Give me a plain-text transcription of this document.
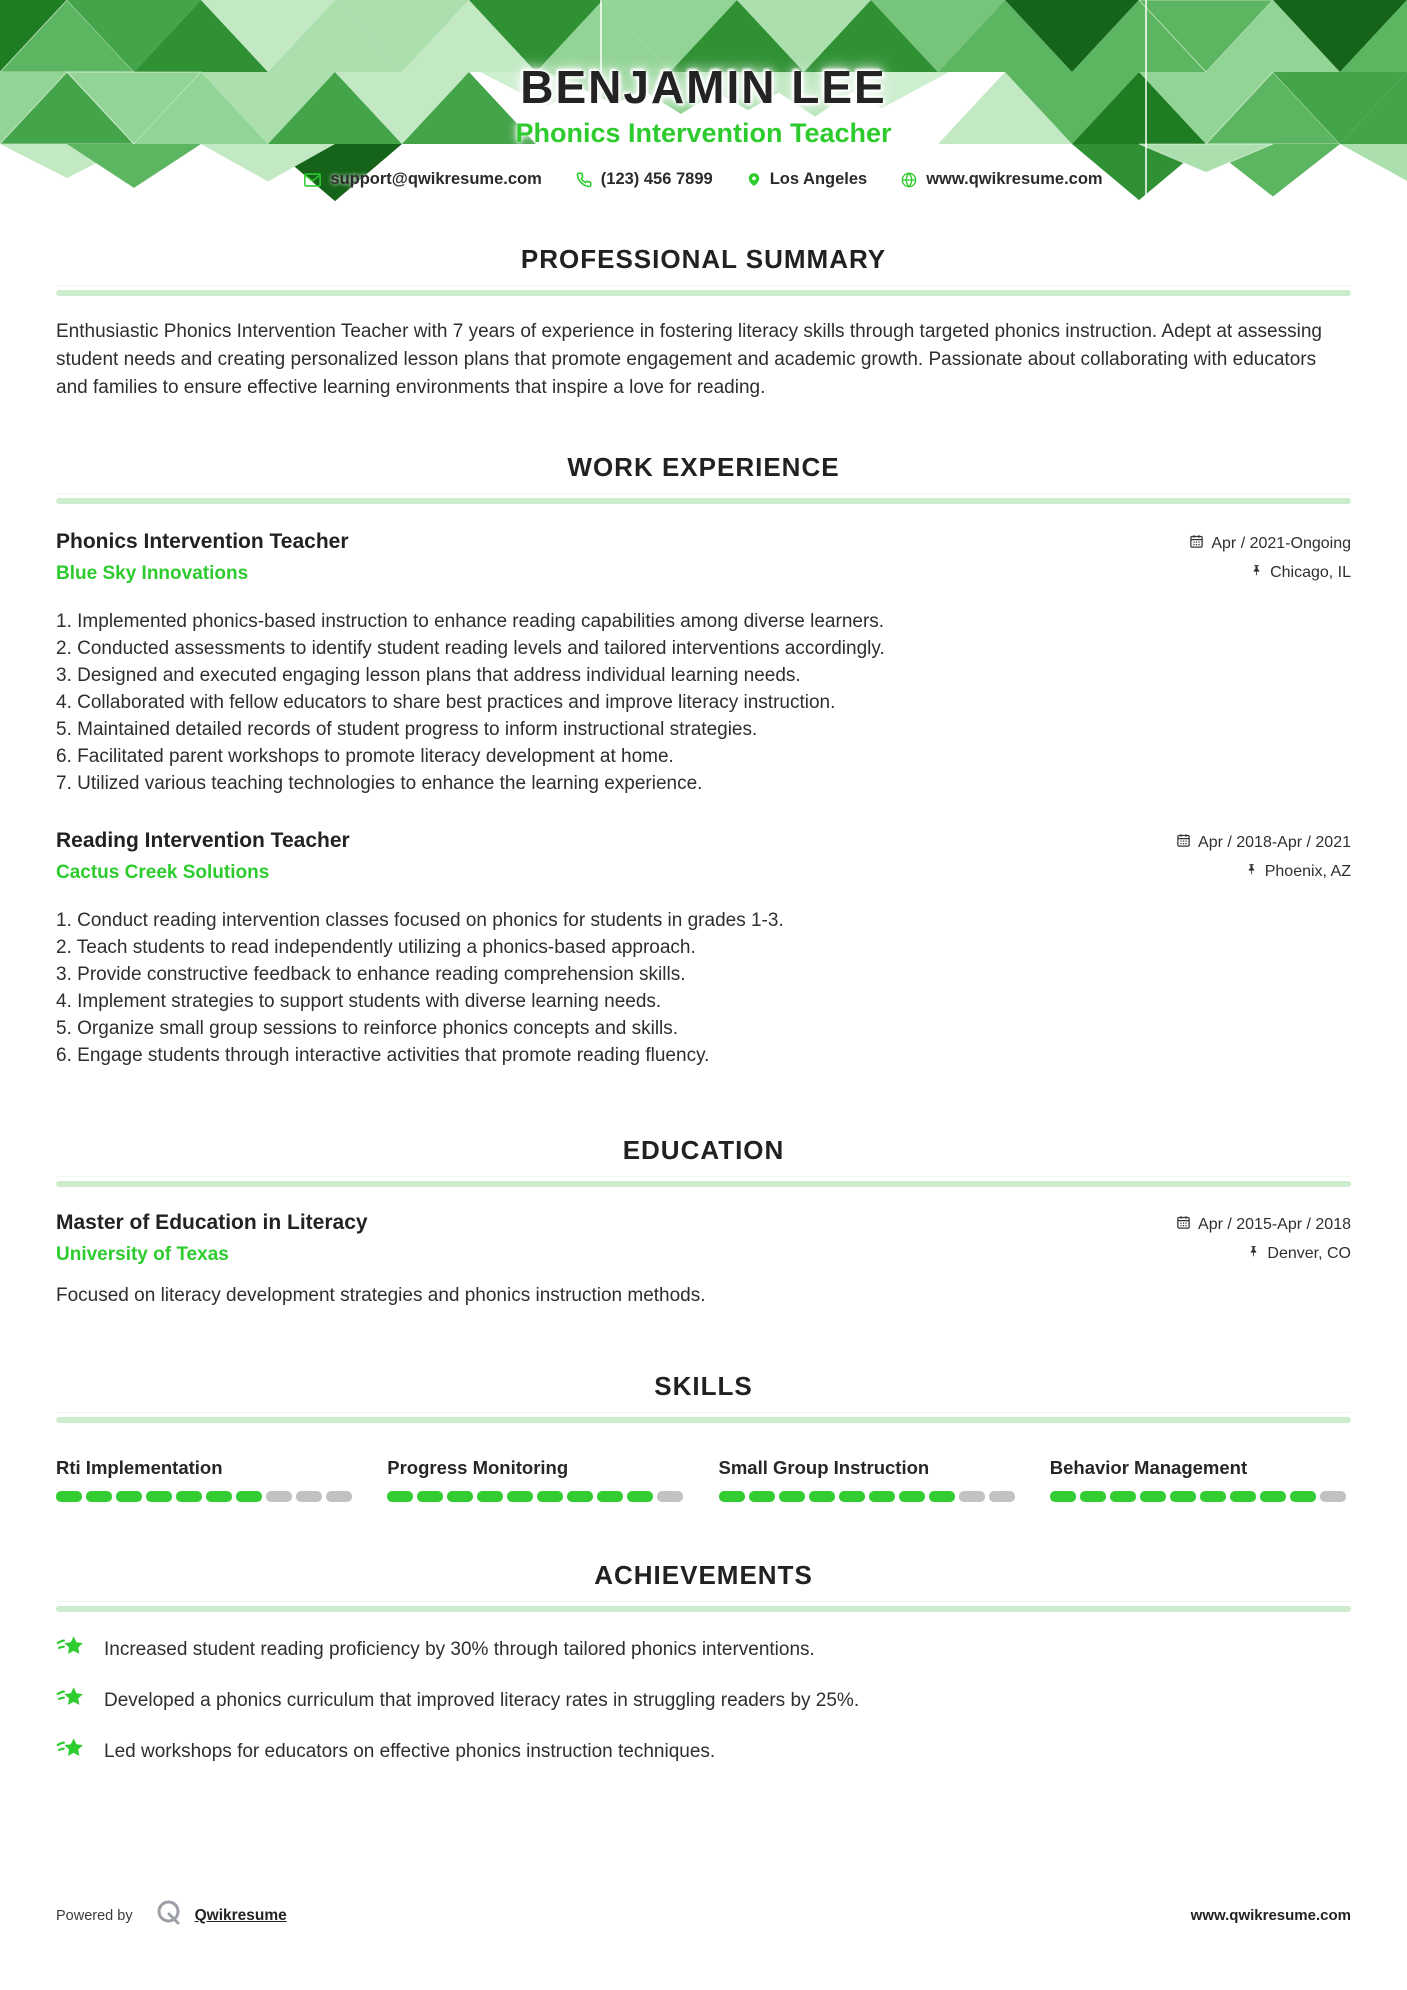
BENJAMIN LEE
Phonics Intervention Teacher
support@qwikresume.com	(123) 456 7899	Los Angeles	www.qwikresume.com
PROFESSIONAL SUMMARY

Enthusiastic Phonics Intervention Teacher with 7 years of experience in fostering literacy skills through targeted phonics instruction. Adept at assessing student needs and creating personalized lesson plans that promote engagement and academic growth. Passionate about collaborating with educators and families to ensure effective learning environments that inspire a love for reading.

WORK EXPERIENCE
Phonics Intervention Teacher
Blue Sky Innovations
Apr / 2021-Ongoing
Chicago, IL
Implemented phonics-based instruction to enhance reading capabilities among diverse learners.
Conducted assessments to identify student reading levels and tailored interventions accordingly.
Designed and executed engaging lesson plans that address individual learning needs.
Collaborated with fellow educators to share best practices and improve literacy instruction.
Maintained detailed records of student progress to inform instructional strategies.
Facilitated parent workshops to promote literacy development at home.
Utilized various teaching technologies to enhance the learning experience.
Reading Intervention Teacher
Cactus Creek Solutions
Apr / 2018-Apr / 2021
Phoenix, AZ
Conduct reading intervention classes focused on phonics for students in grades 1-3.
Teach students to read independently utilizing a phonics-based approach.
Provide constructive feedback to enhance reading comprehension skills.
Implement strategies to support students with diverse learning needs.
Organize small group sessions to reinforce phonics concepts and skills.
Engage students through interactive activities that promote reading fluency.
EDUCATION
Master of Education in Literacy
University of Texas
Apr / 2015-Apr / 2018
Denver, CO
Focused on literacy development strategies and phonics instruction methods.
SKILLS
Rti Implementation	Progress Monitoring	Small Group Instruction	Behavior Management
ACHIEVEMENTS
Increased student reading proficiency by 30% through tailored phonics interventions.
Developed a phonics curriculum that improved literacy rates in struggling readers by 25%.
Led workshops for educators on effective phonics instruction techniques.
Powered by	Qwikresume	www.qwikresume.com
